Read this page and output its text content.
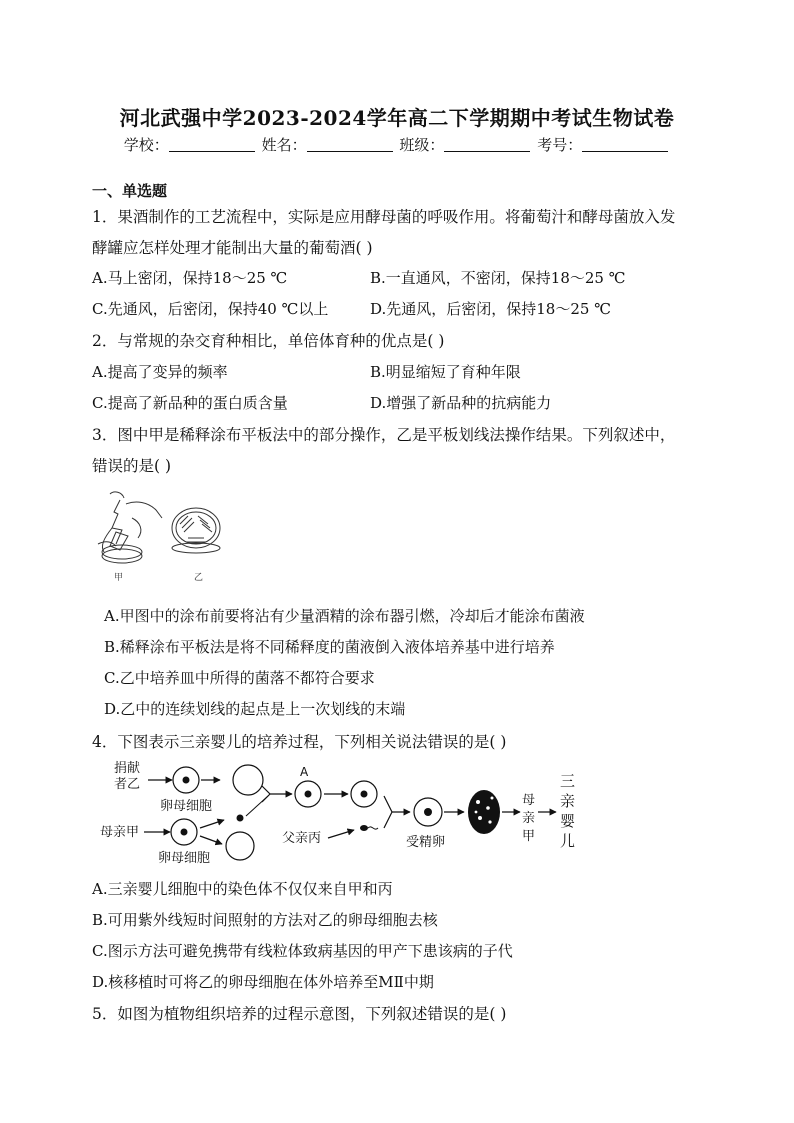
河北武强中学2023-2024学年高二下学期期中考试生物试卷
学校：	姓名：	班级：	考号：
一、单选题
1．果酒制作的工艺流程中，实际是应用酵母菌的呼吸作用。将葡萄汁和酵母菌放入发
酵罐应怎样处理才能制出大量的葡萄酒( )
A.马上密闭，保持18～25 ℃	B.一直通风，不密闭，保持18～25 ℃
C.先通风，后密闭，保持40 ℃以上	D.先通风，后密闭，保持18～25 ℃
2．与常规的杂交育种相比，单倍体育种的优点是( )
A.提高了变异的频率	B.明显缩短了育种年限
C.提高了新品种的蛋白质含量	D.增强了新品种的抗病能力
3．图中甲是稀释涂布平板法中的部分操作，乙是平板划线法操作结果。下列叙述中，
错误的是( )
甲	乙
A.甲图中的涂布前要将沾有少量酒精的涂布器引燃，冷却后才能涂布菌液
B.稀释涂布平板法是将不同稀释度的菌液倒入液体培养基中进行培养
C.乙中培养皿中所得的菌落不都符合要求
D.乙中的连续划线的起点是上一次划线的末端
4．下图表示三亲婴儿的培养过程，下列相关说法错误的是( )
捐献
者乙
卵母细胞
母亲甲
卵母细胞
A
父亲丙	受精卵
母
亲
甲
三
亲
婴
儿
A.三亲婴儿细胞中的染色体不仅仅来自甲和丙
B.可用紫外线短时间照射的方法对乙的卵母细胞去核
C.图示方法可避免携带有线粒体致病基因的甲产下患该病的子代
D.核移植时可将乙的卵母细胞在体外培养至MⅡ中期
5．如图为植物组织培养的过程示意图，下列叙述错误的是( )
